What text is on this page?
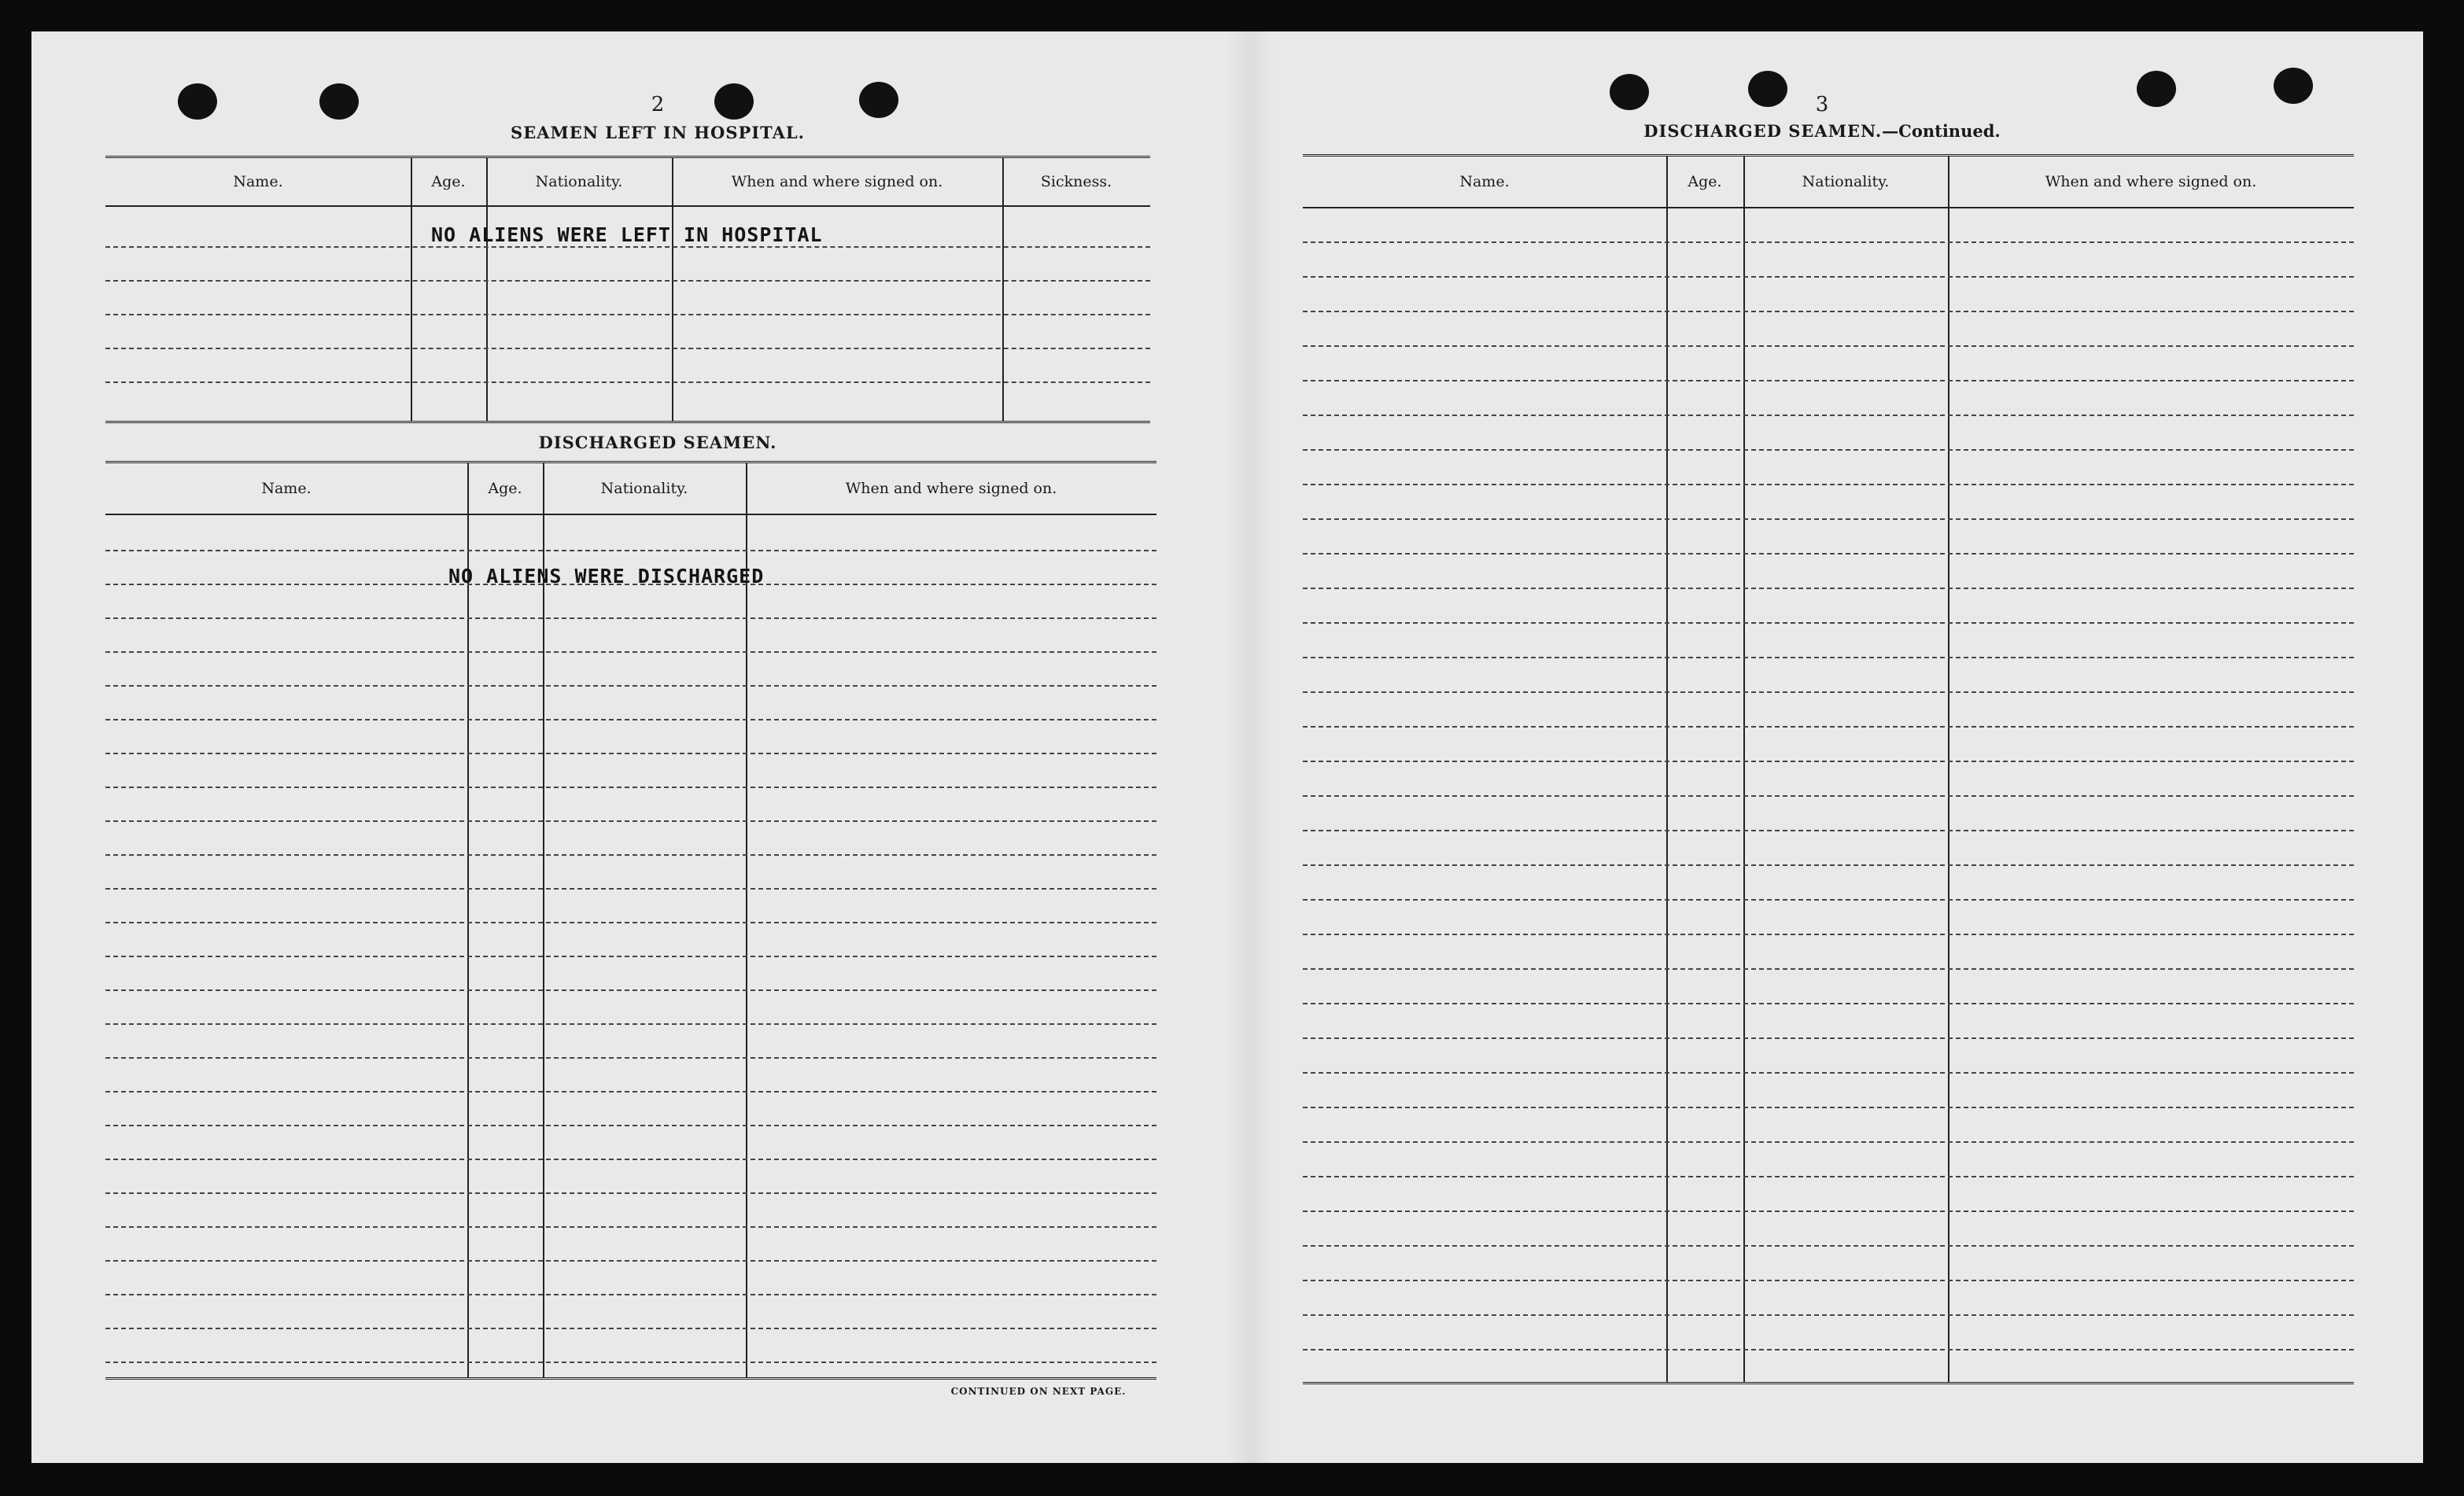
2
SEAMEN LEFT IN HOSPITAL.
Name.	Age.	Nationality.	When and where signed on.	Sickness.
NO ALIENS WERE LEFT IN HOSPITAL
DISCHARGED SEAMEN.
Name.	Age.	Nationality.	When and where signed on.
NO ALIENS WERE DISCHARGED
CONTINUED ON NEXT PAGE.
3
DISCHARGED SEAMEN.—Continued.
Name.	Age.	Nationality.	When and where signed on.
